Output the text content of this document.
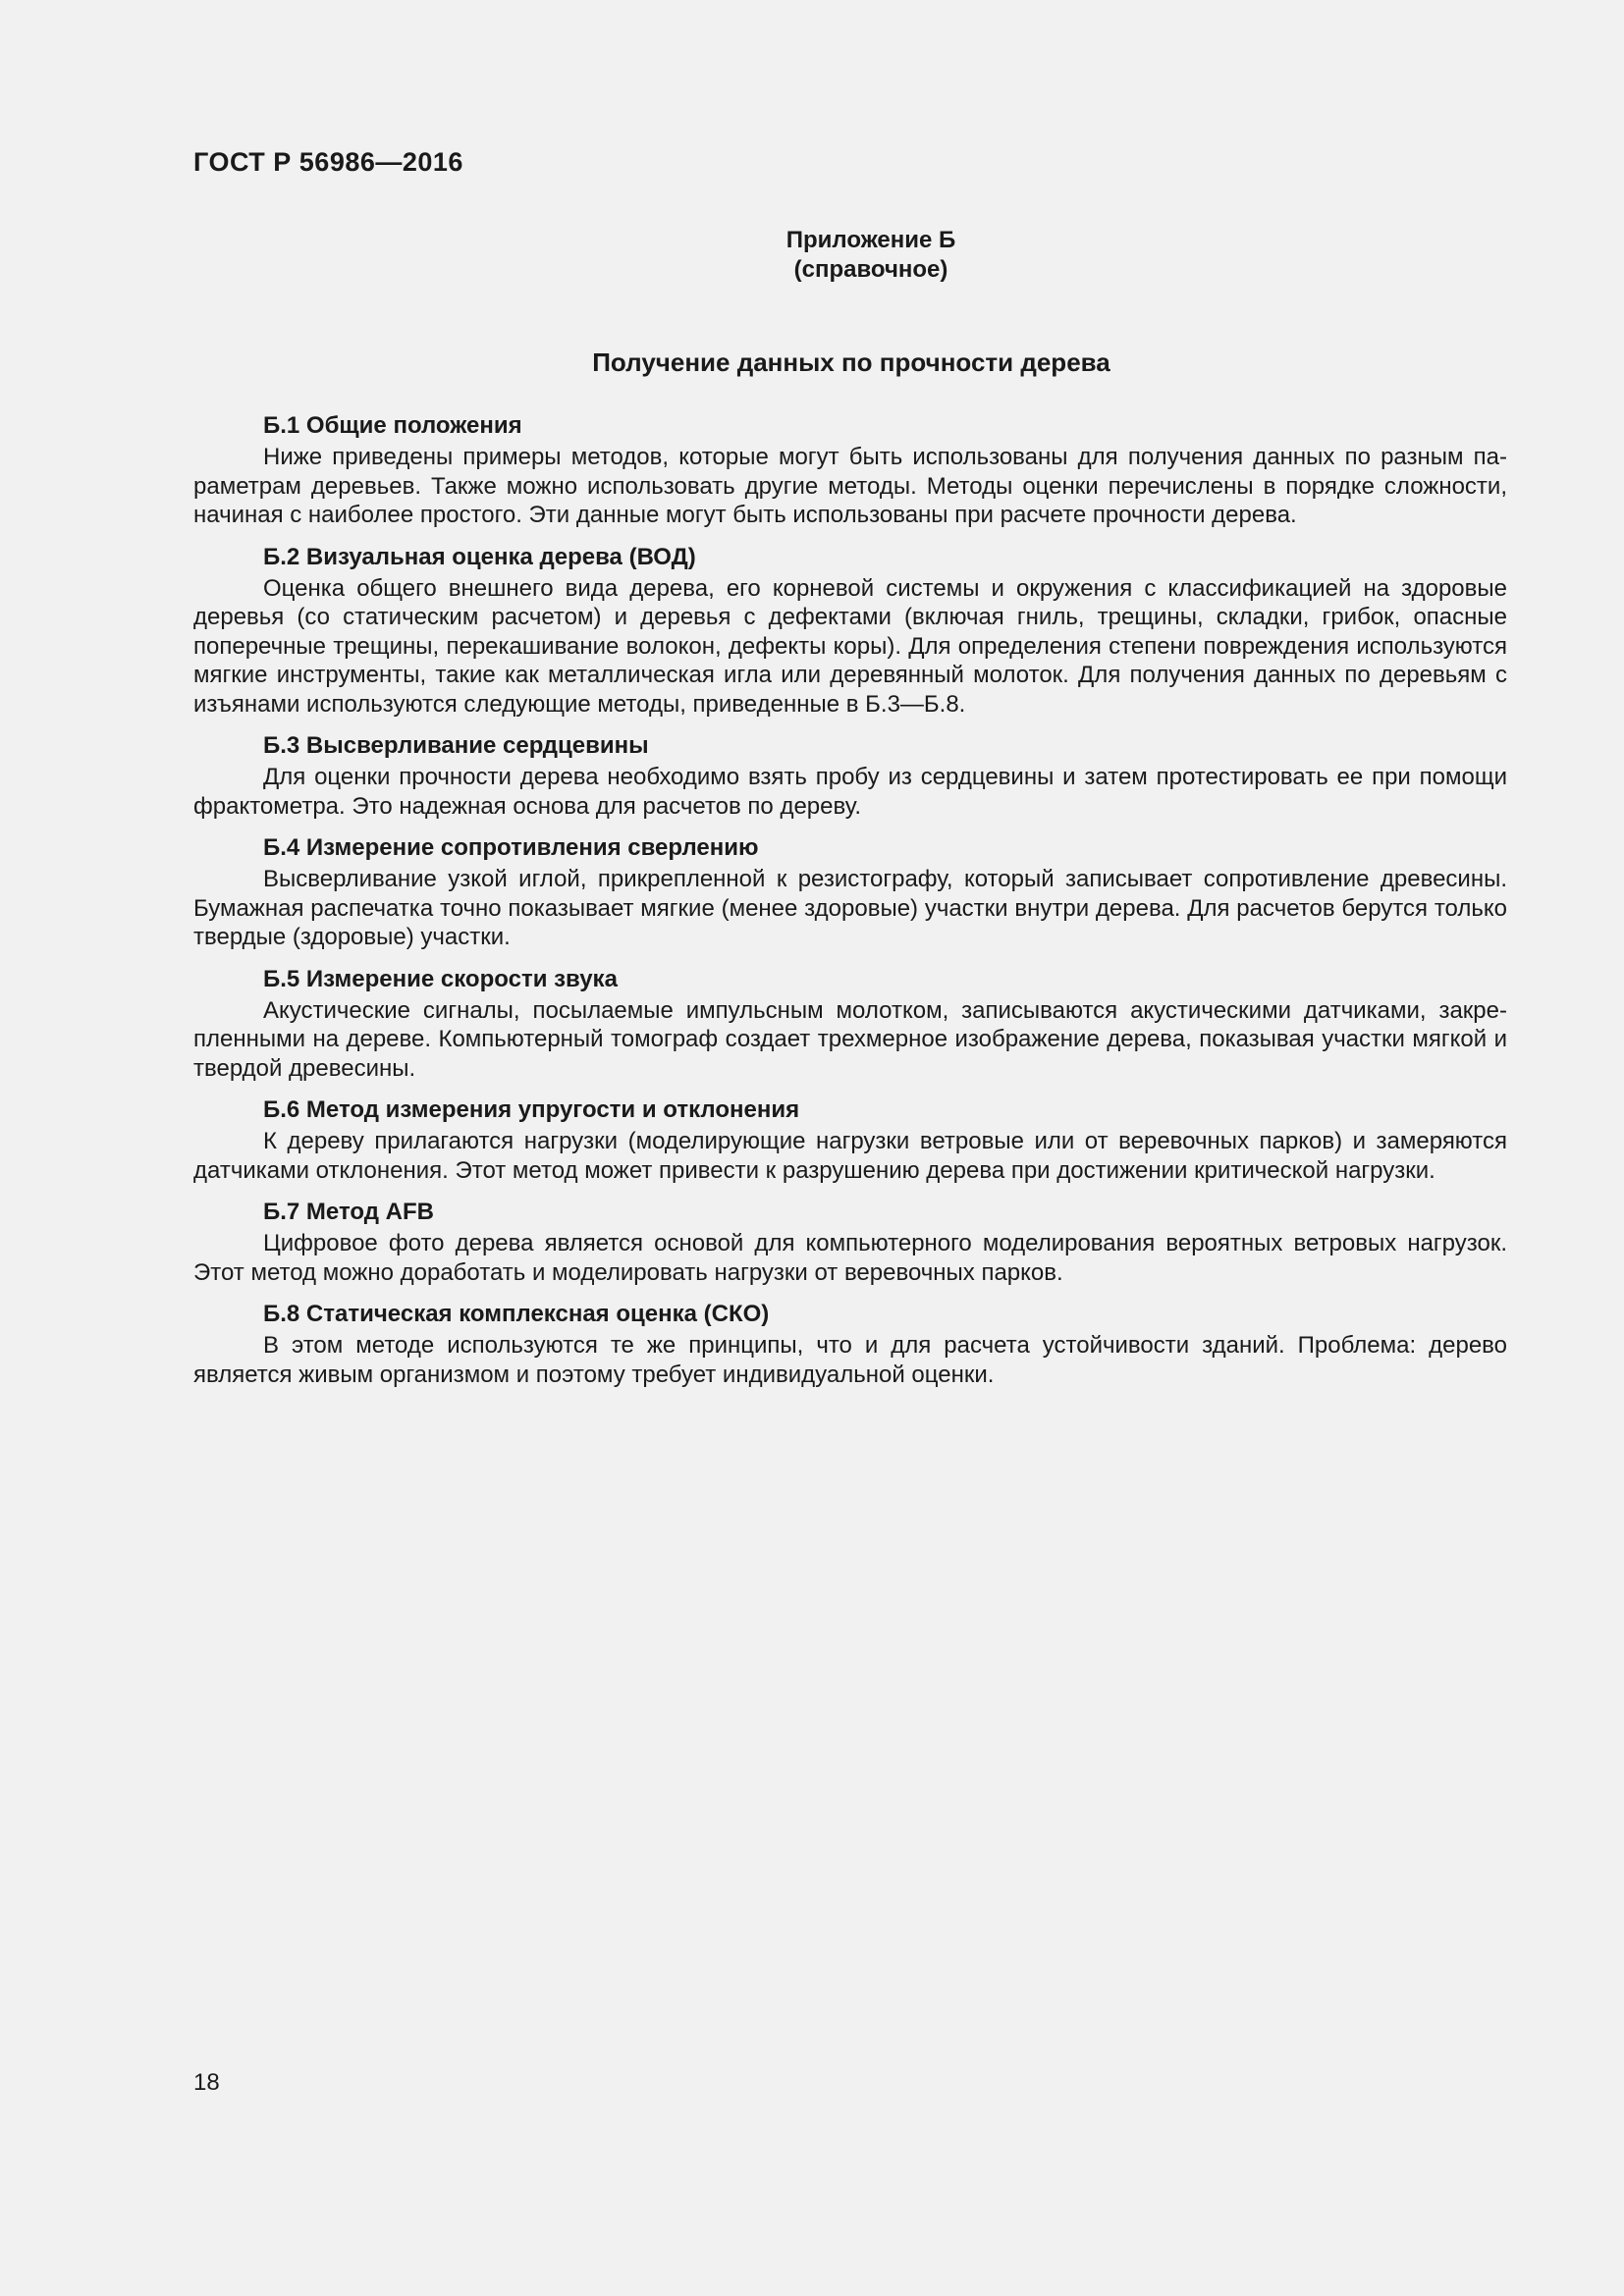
ГОСТ Р 56986—2016
Приложение Б
(справочное)
Получение данных по прочности дерева

Б.1 Общие положения

Ниже приведены примеры методов, которые могут быть использованы для получения данных по разным параметрам деревьев. Также можно использовать другие методы. Методы оценки перечислены в порядке сложности, начиная с наиболее простого. Эти данные могут быть использованы при расчете прочности дерева.

Б.2 Визуальная оценка дерева (ВОД)

Оценка общего внешнего вида дерева, его корневой системы и окружения с классификацией на здоровые деревья (со статическим расчетом) и деревья с дефектами (включая гниль, трещины, складки, грибок, опасные поперечные трещины, перекашивание волокон, дефекты коры). Для определения степени повреждения используются мягкие инструменты, такие как металлическая игла или деревянный молоток. Для получения данных по деревьям с изъянами используются следующие методы, приведенные в Б.3—Б.8.

Б.3 Высверливание сердцевины

Для оценки прочности дерева необходимо взять пробу из сердцевины и затем протестировать ее при помощи фрактометра. Это надежная основа для расчетов по дереву.

Б.4 Измерение сопротивления сверлению

Высверливание узкой иглой, прикрепленной к резистографу, который записывает сопротивление древесины. Бумажная распечатка точно показывает мягкие (менее здоровые) участки внутри дерева. Для расчетов берутся только твердые (здоровые) участки.

Б.5 Измерение скорости звука

Акустические сигналы, посылаемые импульсным молотком, записываются акустическими датчиками, закрепленными на дереве. Компьютерный томограф создает трехмерное изображение дерева, показывая участки мягкой и твердой древесины.

Б.6 Метод измерения упругости и отклонения

К дереву прилагаются нагрузки (моделирующие нагрузки ветровые или от веревочных парков) и замеряются датчиками отклонения. Этот метод может привести к разрушению дерева при достижении критической нагрузки.

Б.7 Метод AFB

Цифровое фото дерева является основой для компьютерного моделирования вероятных ветровых нагрузок. Этот метод можно доработать и моделировать нагрузки от веревочных парков.

Б.8 Статическая комплексная оценка (СКО)

В этом методе используются те же принципы, что и для расчета устойчивости зданий. Проблема: дерево является живым организмом и поэтому требует индивидуальной оценки.

18
